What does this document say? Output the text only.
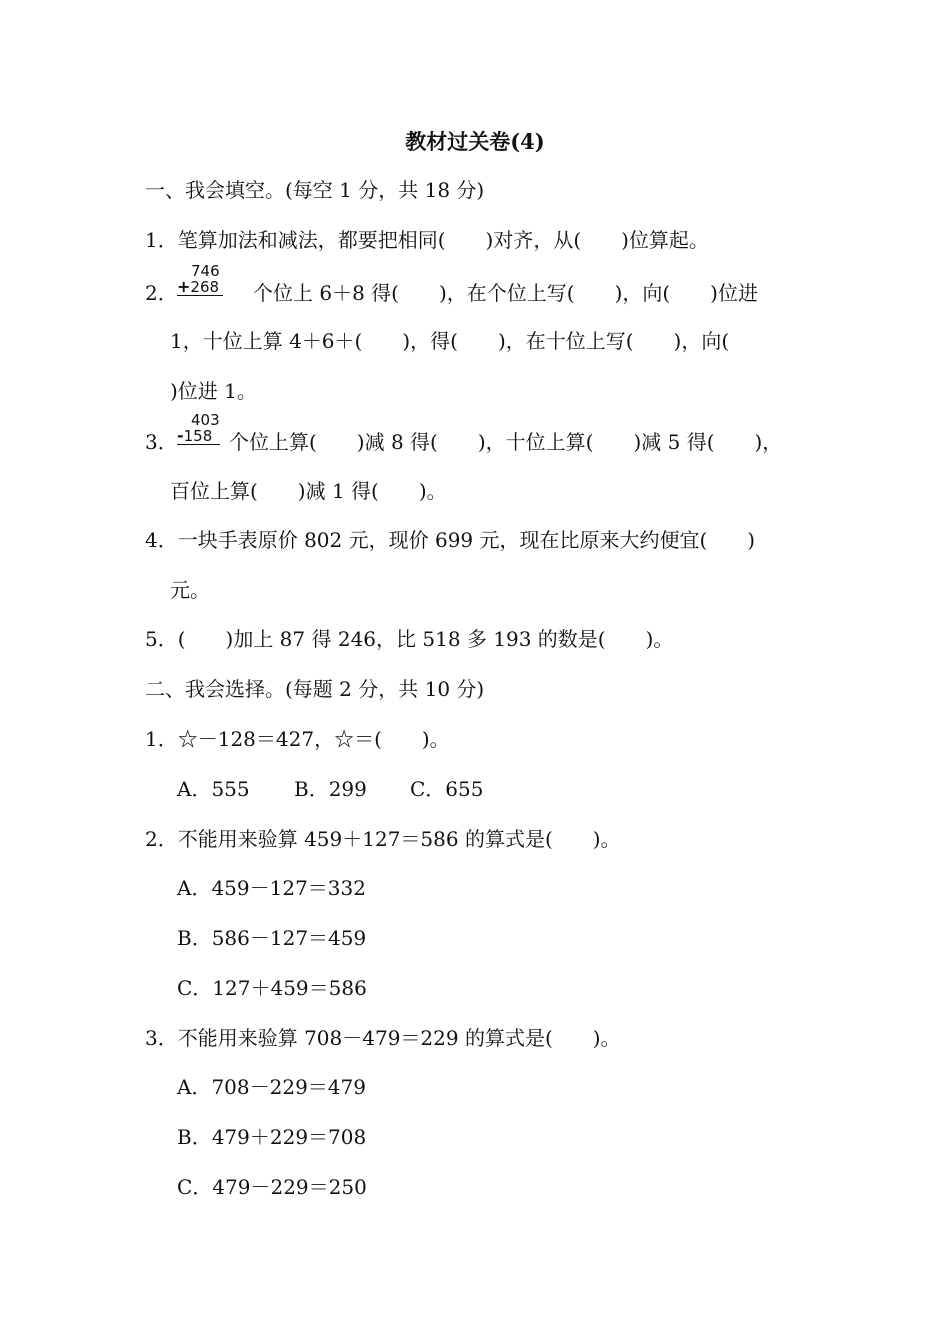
教材过关卷(4)
一、我会填空。(每空 1 分，共 18 分)
1．笔算加法和减法，都要把相同(　　)对齐，从(　　)位算起。
2．
746
+268 个位上 6＋8 得(　　)，在个位上写(　　)，向(　　)位进
1，十位上算 4＋6＋(　　)，得(　　)，在十位上写(　　)，向(
)位进 1。
3．
403
-158 个位上算(　　)减 8 得(　　)，十位上算(　　)减 5 得(　　)，
百位上算(　　)减 1 得(　　)。
4．一块手表原价 802 元，现价 699 元，现在比原来大约便宜(　　)
元。
5．(　　)加上 87 得 246，比 518 多 193 的数是(　　)。
二、我会选择。(每题 2 分，共 10 分)
1．☆－128＝427，☆＝(　　)。
A．555 B．299 C．655
2．不能用来验算 459＋127＝586 的算式是(　　)。
A．459－127＝332
B．586－127＝459
C．127＋459＝586
3．不能用来验算 708－479＝229 的算式是(　　)。
A．708－229＝479
B．479＋229＝708
C．479－229＝250
